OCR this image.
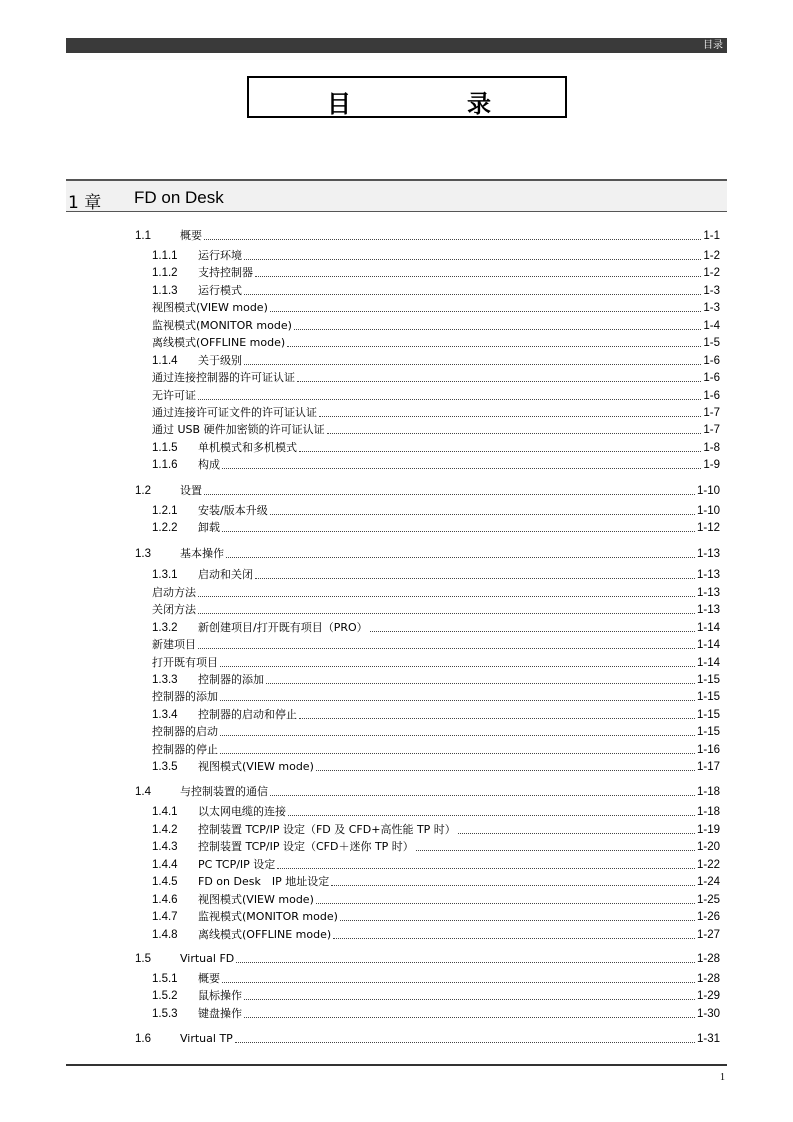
目录
目	录
1 章 FD on Desk
1.1	概要	1-1
1.1.1	运行环境	1-2
1.1.2	支持控制器	1-2
1.1.3	运行模式	1-3
视图模式(VIEW mode)	1-3
监视模式(MONITOR mode)	1-4
离线模式(OFFLINE mode)	1-5
1.1.4	关于级别	1-6
通过连接控制器的许可证认证	1-6
无许可证	1-6
通过连接许可证文件的许可证认证	1-7
通过 USB 硬件加密锁的许可证认证	1-7
1.1.5	单机模式和多机模式	1-8
1.1.6	构成	1-9
1.2	设置	1-10
1.2.1	安装/版本升级	1-10
1.2.2	卸载	1-12
1.3	基本操作	1-13
1.3.1	启动和关闭	1-13
启动方法	1-13
关闭方法	1-13
1.3.2	新创建项目/打开既有项目（PRO）	1-14
新建项目	1-14
打开既有项目	1-14
1.3.3	控制器的添加	1-15
控制器的添加	1-15
1.3.4	控制器的启动和停止	1-15
控制器的启动	1-15
控制器的停止	1-16
1.3.5	视图模式(VIEW mode)	1-17
1.4	与控制装置的通信	1-18
1.4.1	以太网电缆的连接	1-18
1.4.2	控制装置 TCP/IP 设定（FD 及 CFD+高性能 TP 时）	1-19
1.4.3	控制装置 TCP/IP 设定（CFD＋迷你 TP 时）	1-20
1.4.4	PC TCP/IP 设定	1-22
1.4.5	FD on Desk　IP 地址设定	1-24
1.4.6	视图模式(VIEW mode)	1-25
1.4.7	监视模式(MONITOR mode)	1-26
1.4.8	离线模式(OFFLINE mode)	1-27
1.5	Virtual FD	1-28
1.5.1	概要	1-28
1.5.2	鼠标操作	1-29
1.5.3	键盘操作	1-30
1.6	Virtual TP	1-31
1
